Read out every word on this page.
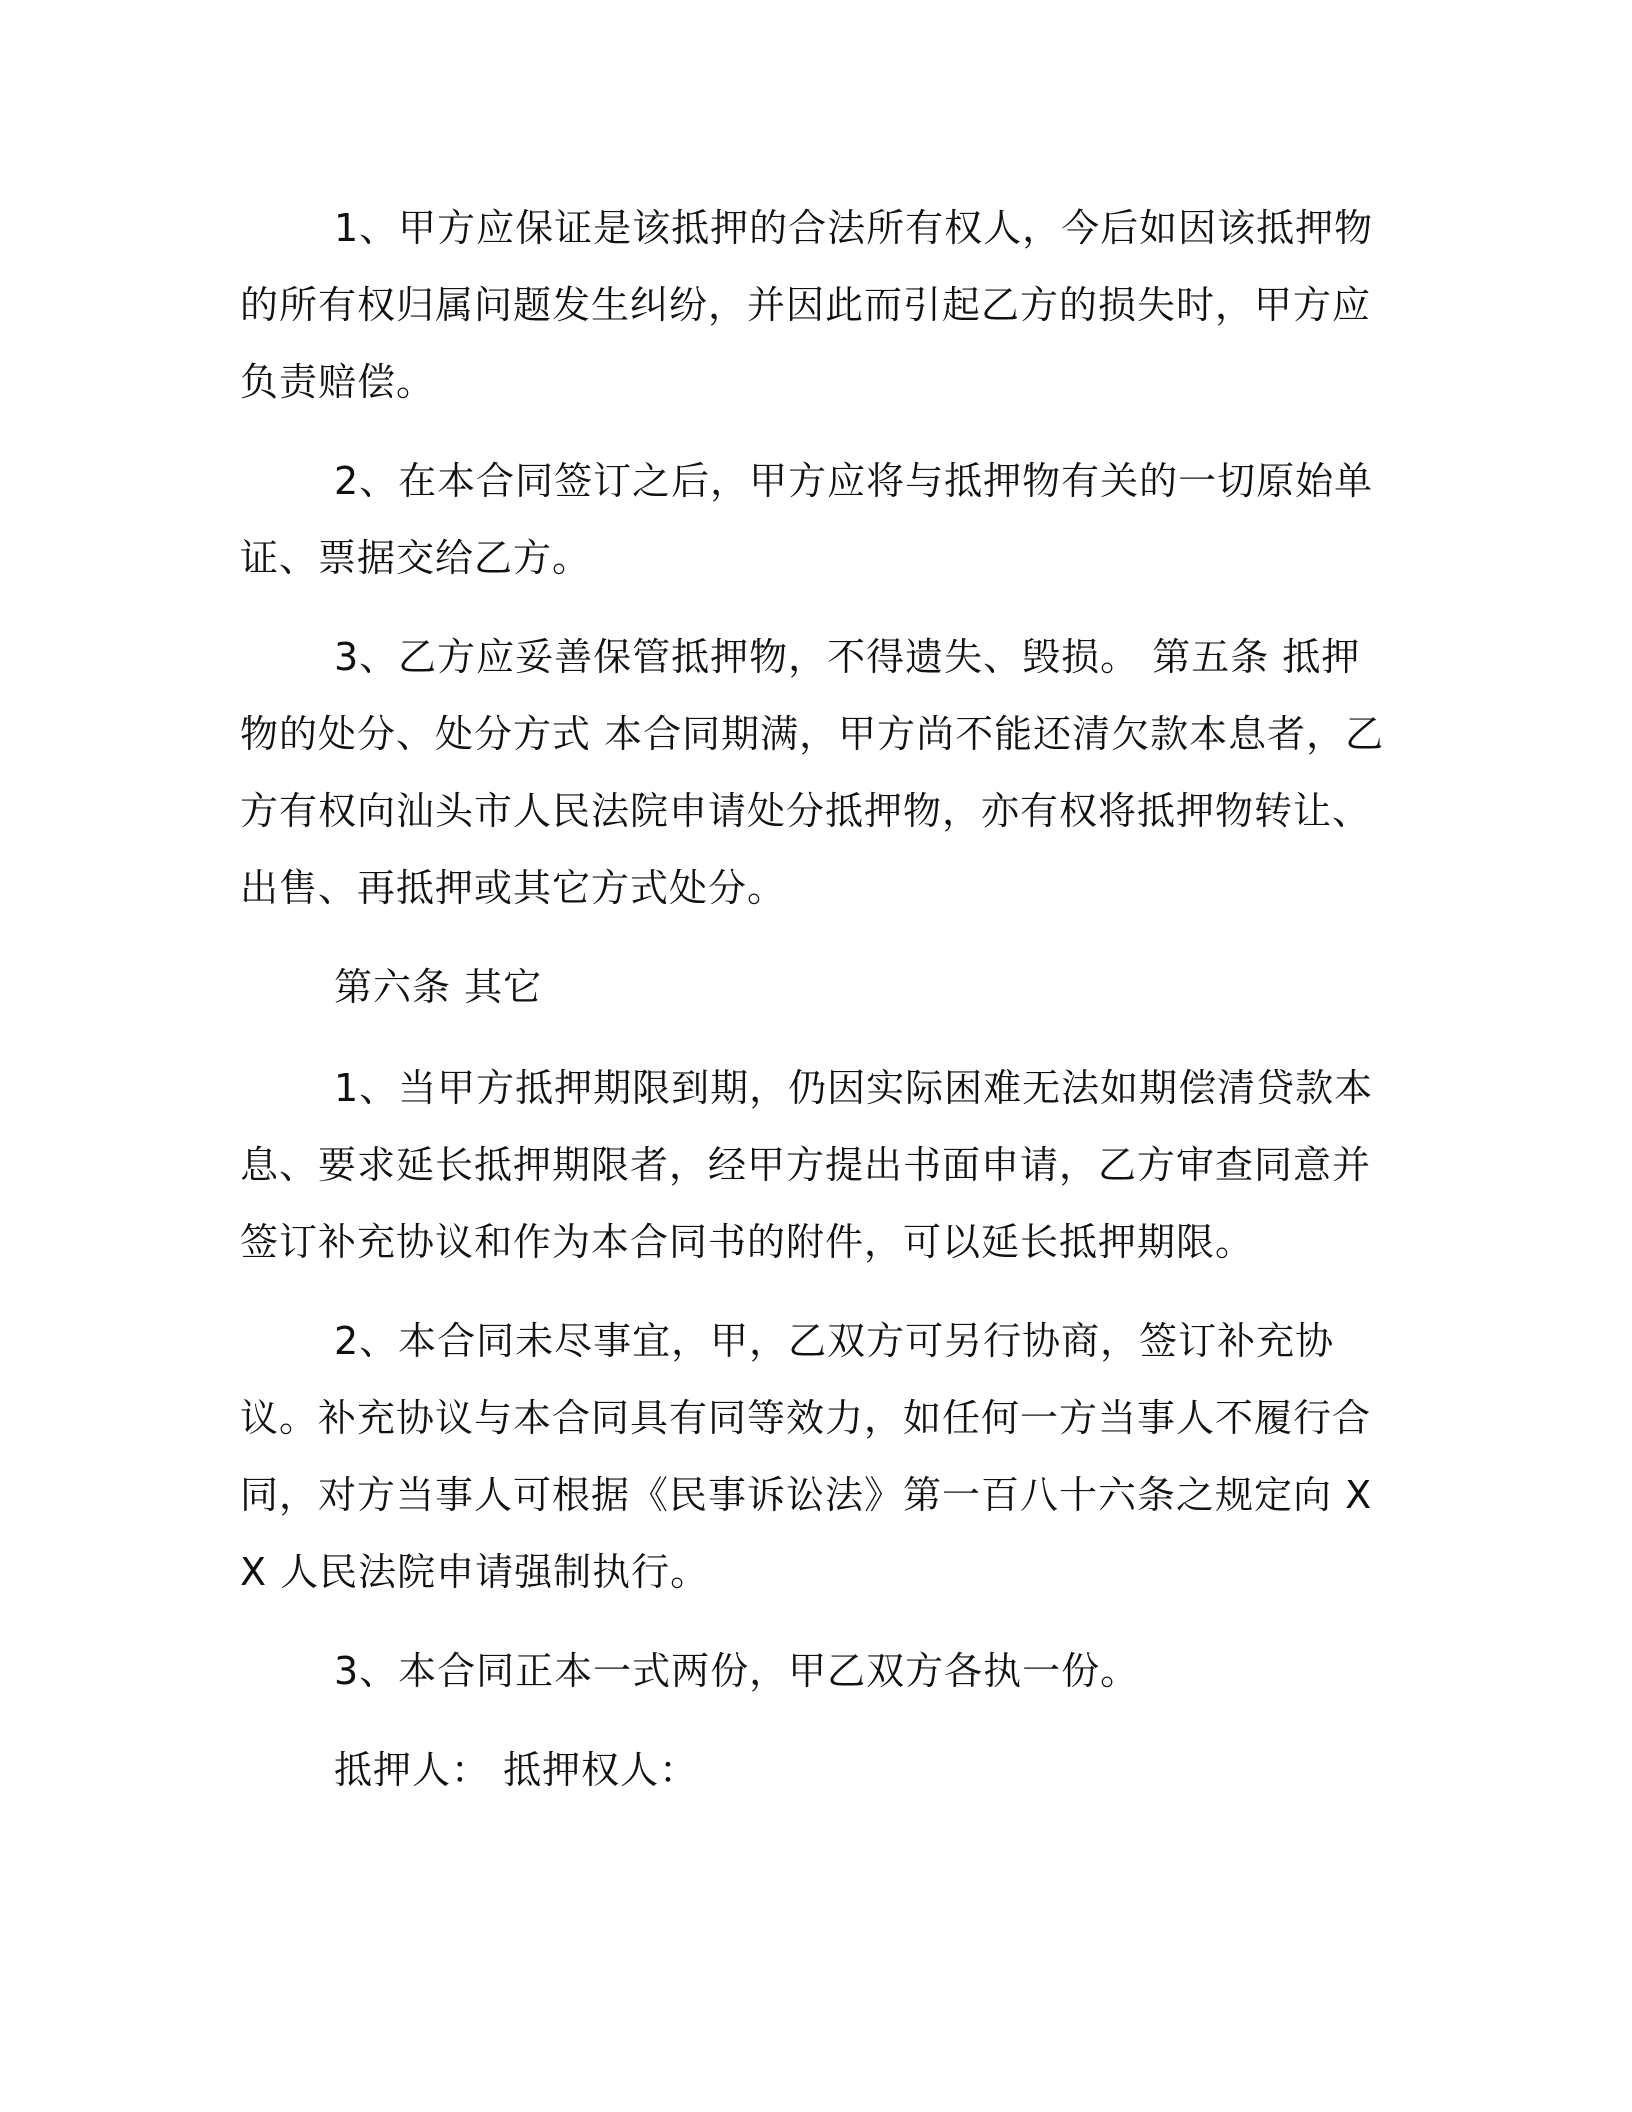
1、甲方应保证是该抵押的合法所有权人，今后如因该抵押物的所有权归属问题发生纠纷，并因此而引起乙方的损失时，甲方应负责赔偿。

2、在本合同签订之后，甲方应将与抵押物有关的一切原始单证、票据交给乙方。

3、乙方应妥善保管抵押物，不得遗失、毁损。 第五条 抵押物的处分、处分方式 本合同期满，甲方尚不能还清欠款本息者，乙方有权向汕头市人民法院申请处分抵押物，亦有权将抵押物转让、出售、再抵押或其它方式处分。

第六条 其它

1、当甲方抵押期限到期，仍因实际困难无法如期偿清贷款本息、要求延长抵押期限者，经甲方提出书面申请，乙方审查同意并签订补充协议和作为本合同书的附件，可以延长抵押期限。

2、本合同未尽事宜，甲，乙双方可另行协商，签订补充协议。补充协议与本合同具有同等效力，如任何一方当事人不履行合同，对方当事人可根据《民事诉讼法》第一百八十六条之规定向 XX 人民法院申请强制执行。

3、本合同正本一式两份，甲乙双方各执一份。

抵押人： 抵押权人：
